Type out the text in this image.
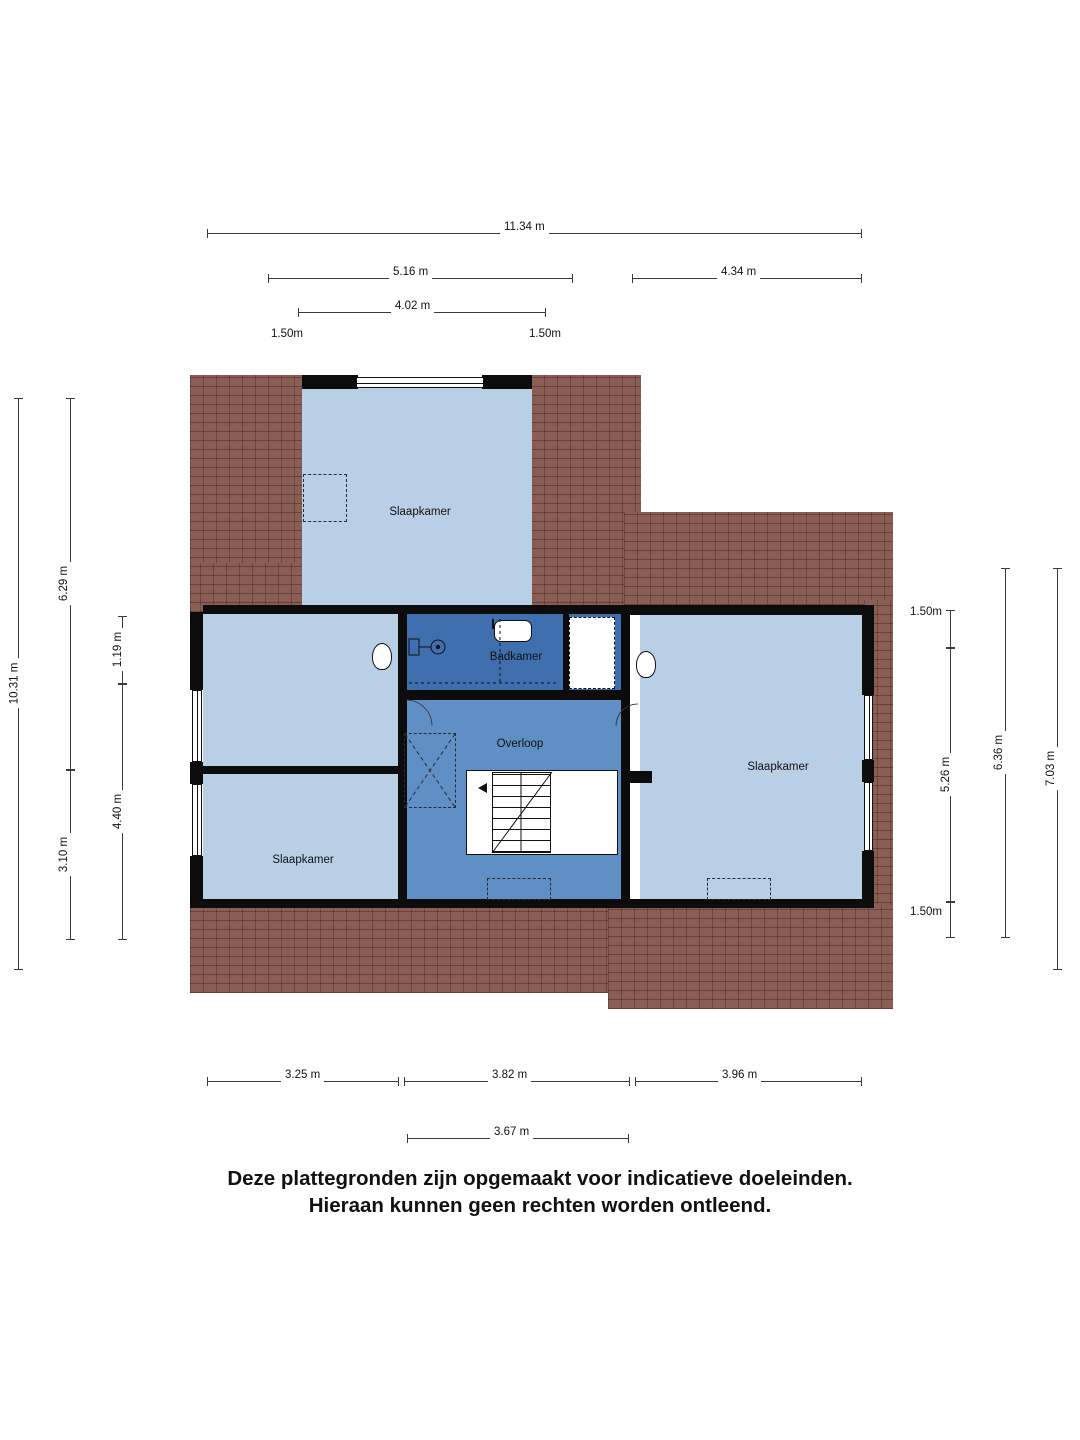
11.34 m
5.16 m	4.34 m
4.02 m
1.50m	1.50m
10.31 m
6.29 m
3.10 m
1.19 m
4.40 m
7.03 m
6.36 m
1.50m
5.26 m
1.50m
3.25 m	3.82 m	3.96 m
3.67 m
Slaapkamer
Slaapkamer
Slaapkamer
Badkamer
Overloop
Deze plattegronden zijn opgemaakt voor indicatieve doeleinden.
Hieraan kunnen geen rechten worden ontleend.
